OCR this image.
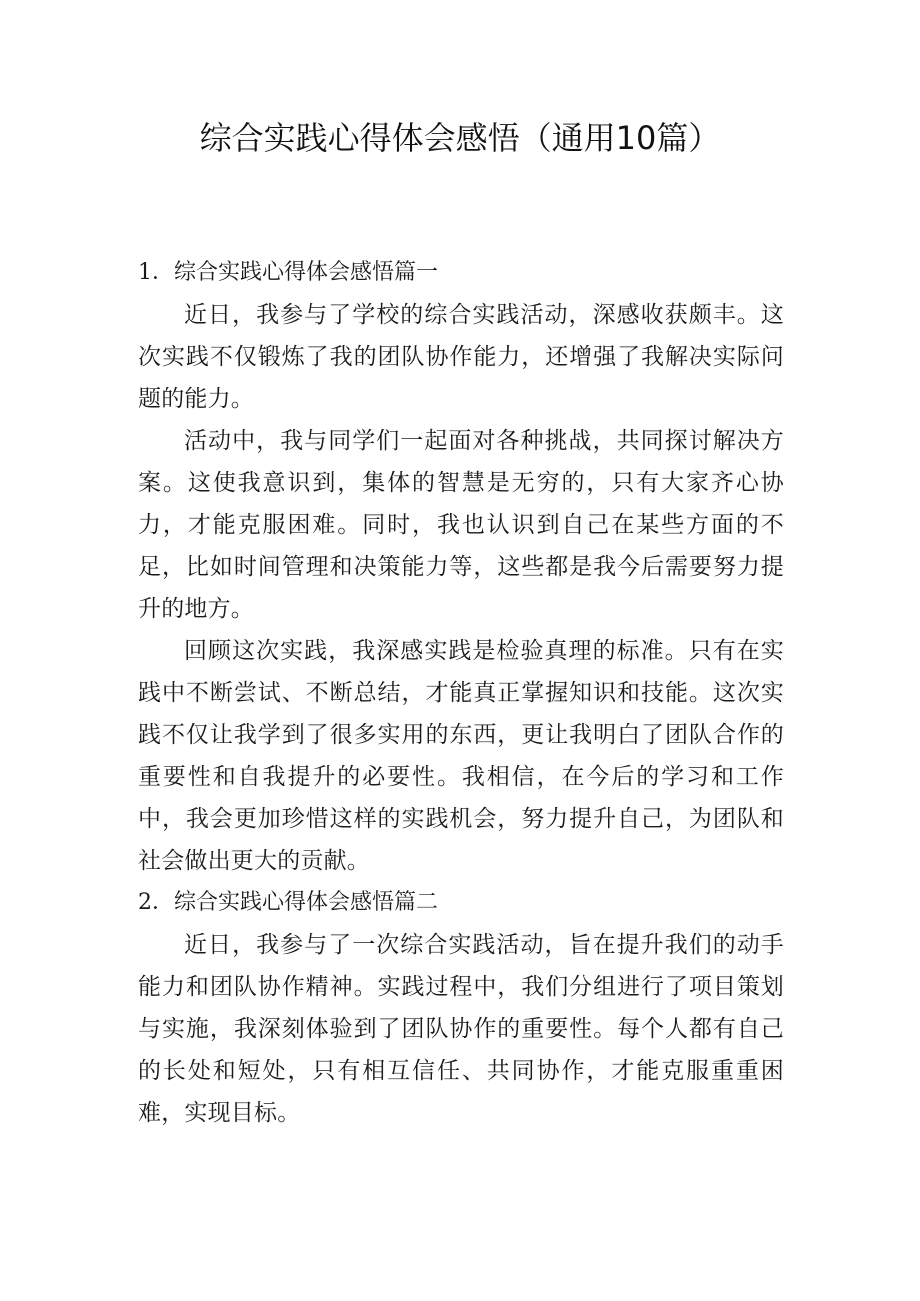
综合实践心得体会感悟（通用10篇）
1．综合实践心得体会感悟篇一

近日，我参与了学校的综合实践活动，深感收获颇丰。这次实践不仅锻炼了我的团队协作能力，还增强了我解决实际问题的能力。

活动中，我与同学们一起面对各种挑战，共同探讨解决方案。这使我意识到，集体的智慧是无穷的，只有大家齐心协力，才能克服困难。同时，我也认识到自己在某些方面的不足，比如时间管理和决策能力等，这些都是我今后需要努力提升的地方。

回顾这次实践，我深感实践是检验真理的标准。只有在实践中不断尝试、不断总结，才能真正掌握知识和技能。这次实践不仅让我学到了很多实用的东西，更让我明白了团队合作的重要性和自我提升的必要性。我相信，在今后的学习和工作中，我会更加珍惜这样的实践机会，努力提升自己，为团队和社会做出更大的贡献。

2．综合实践心得体会感悟篇二

近日，我参与了一次综合实践活动，旨在提升我们的动手能力和团队协作精神。实践过程中，我们分组进行了项目策划与实施，我深刻体验到了团队协作的重要性。每个人都有自己的长处和短处，只有相互信任、共同协作，才能克服重重困难，实现目标。
